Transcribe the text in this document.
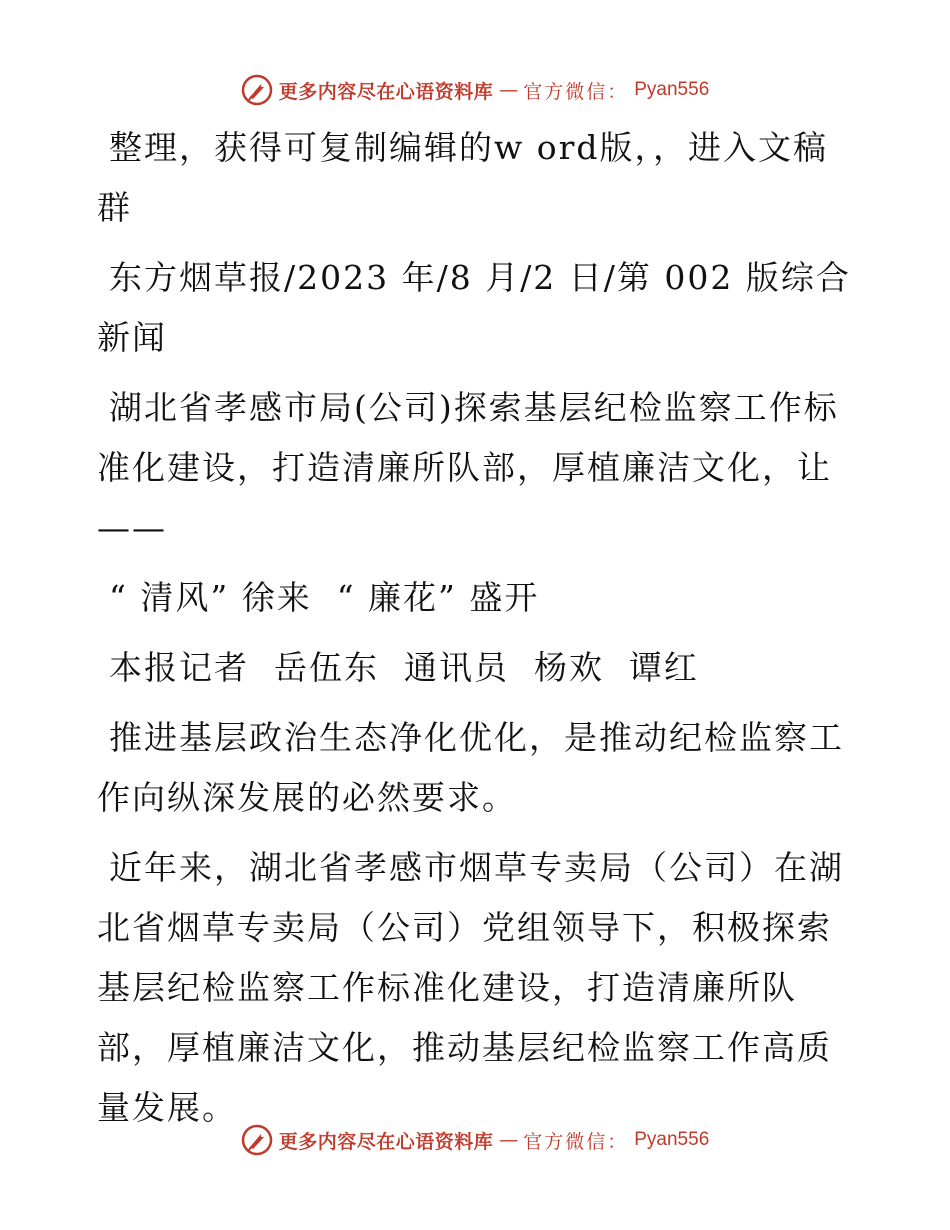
更多内容尽在心语资料库 — 官方微信： Pyan556

整理，获得可复制编辑的w ord版，，进入文稿群

东方烟草报/2023 年/8 月/2 日/第 002 版综合新闻

湖北省孝感市局(公司)探索基层纪检监察工作标准化建设，打造清廉所队部，厚植廉洁文化，让——

“ 清风” 徐来  “ 廉花” 盛开

本报记者  岳伍东  通讯员  杨欢  谭红

推进基层政治生态净化优化，是推动纪检监察工作向纵深发展的必然要求。

近年来，湖北省孝感市烟草专卖局（公司）在湖北省烟草专卖局（公司）党组领导下，积极探索基层纪检监察工作标准化建设，打造清廉所队部，厚植廉洁文化，推动基层纪检监察工作高质量发展。

更多内容尽在心语资料库 — 官方微信： Pyan556
